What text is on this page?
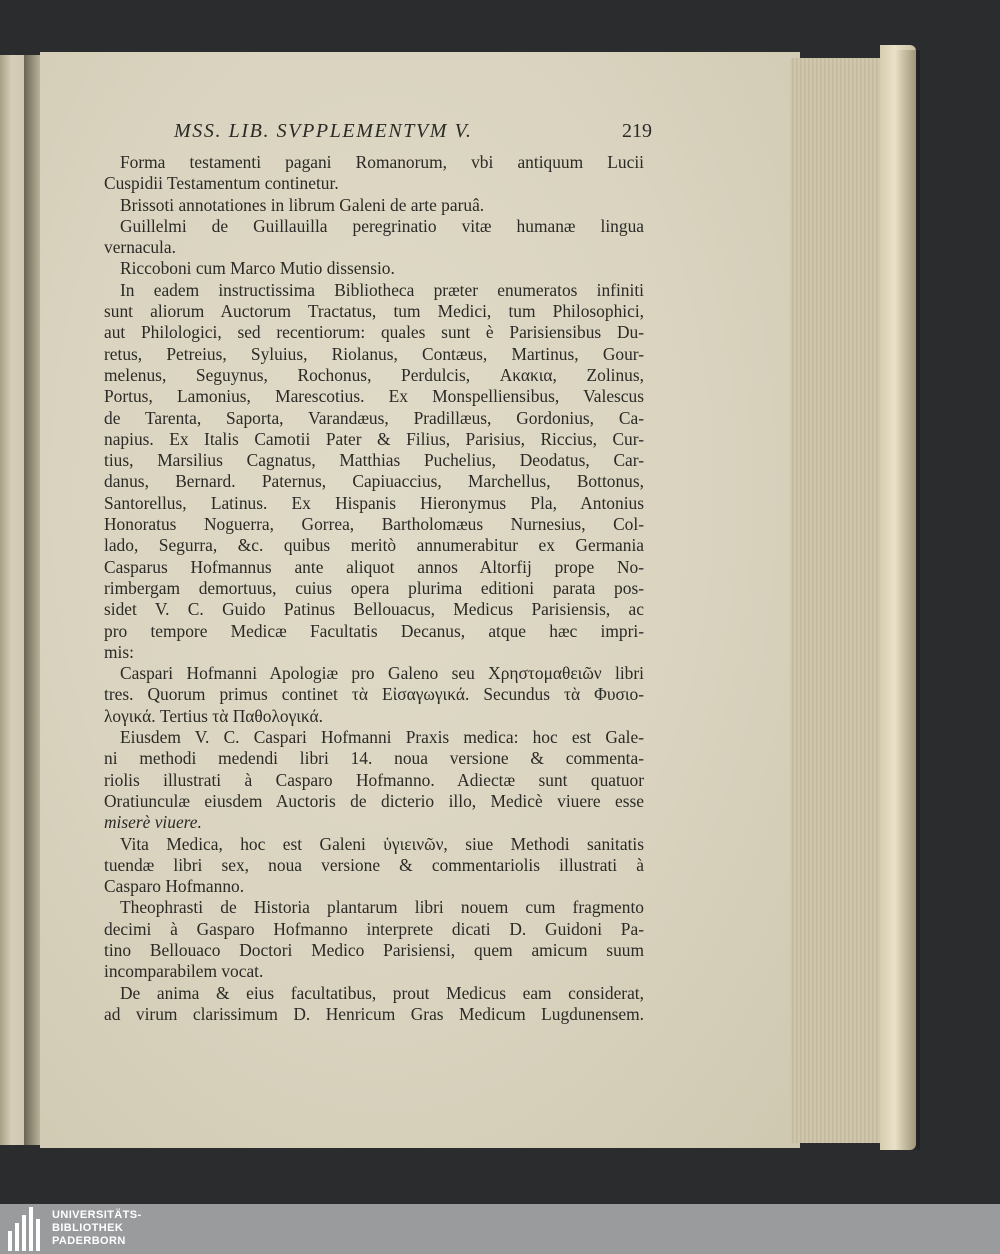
MSS. LIB. SVPPLEMENTVM V.	219
Forma testamenti pagani Romanorum, vbi antiquum Lucii
Cuspidii Testamentum continetur.
Brissoti annotationes in librum Galeni de arte paruâ.
Guillelmi de Guillauilla peregrinatio vitæ humanæ lingua
vernacula.
Riccoboni cum Marco Mutio dissensio.
In eadem instructissima Bibliotheca præter enumeratos infiniti
sunt aliorum Auctorum Tractatus, tum Medici, tum Philosophici,
aut Philologici, sed recentiorum: quales sunt è Parisiensibus Du-
retus, Petreius, Syluius, Riolanus, Contæus, Martinus, Gour-
melenus, Seguynus, Rochonus, Perdulcis, Ακακια, Zolinus,
Portus, Lamonius, Marescotius. Ex Monspelliensibus, Valescus
de Tarenta, Saporta, Varandæus, Pradillæus, Gordonius, Ca-
napius. Ex Italis Camotii Pater & Filius, Parisius, Riccius, Cur-
tius, Marsilius Cagnatus, Matthias Puchelius, Deodatus, Car-
danus, Bernard. Paternus, Capiuaccius, Marchellus, Bottonus,
Santorellus, Latinus. Ex Hispanis Hieronymus Pla, Antonius
Honoratus Noguerra, Gorrea, Bartholomæus Nurnesius, Col-
lado, Segurra, &c. quibus meritò annumerabitur ex Germania
Casparus Hofmannus ante aliquot annos Altorfij prope No-
rimbergam demortuus, cuius opera plurima editioni parata pos-
sidet V. C. Guido Patinus Bellouacus, Medicus Parisiensis, ac
pro tempore Medicæ Facultatis Decanus, atque hæc impri-
mis:
Caspari Hofmanni Apologiæ pro Galeno seu Χρηστομαθειῶν libri
tres. Quorum primus continet τὰ Εἰσαγωγικά. Secundus τὰ Φυσιο-
λογικά. Tertius τὰ Παθολογικά.
Eiusdem V. C. Caspari Hofmanni Praxis medica: hoc est Gale-
ni methodi medendi libri 14. noua versione & commenta-
riolis illustrati à Casparo Hofmanno. Adiectæ sunt quatuor
Oratiunculæ eiusdem Auctoris de dicterio illo, Medicè viuere esse
miserè viuere.
Vita Medica, hoc est Galeni ὑγιεινῶν, siue Methodi sanitatis
tuendæ libri sex, noua versione & commentariolis illustrati à
Casparo Hofmanno.
Theophrasti de Historia plantarum libri nouem cum fragmento
decimi à Gasparo Hofmanno interprete dicati D. Guidoni Pa-
tino Bellouaco Doctori Medico Parisiensi, quem amicum suum
incomparabilem vocat.
De anima & eius facultatibus, prout Medicus eam considerat,
ad virum clarissimum D. Henricum Gras Medicum Lugdunensem.
UNIVERSITÄTS-
BIBLIOTHEK
PADERBORN
